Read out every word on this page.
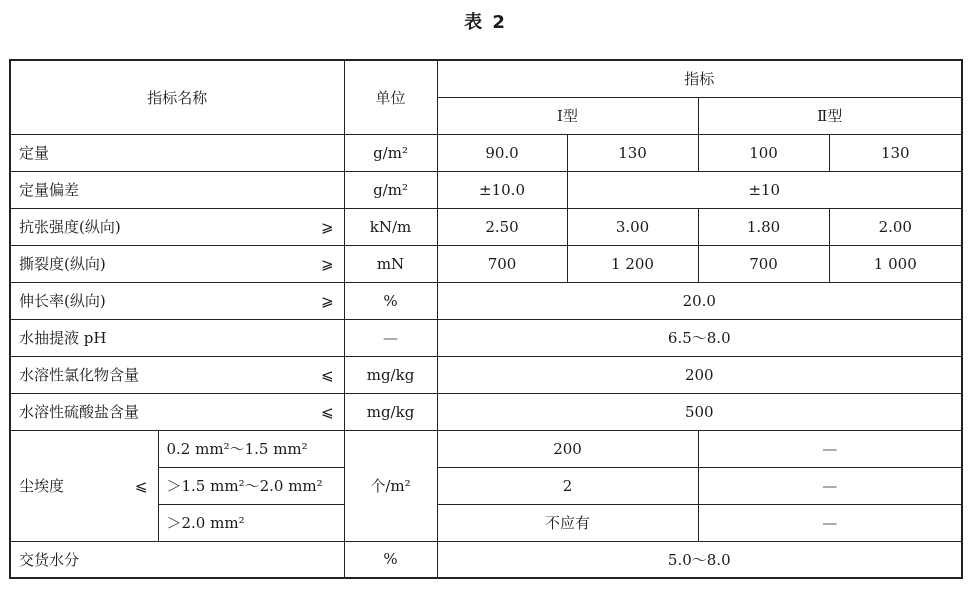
表 2
指标名称		单位	指标			
			Ⅰ型		Ⅱ型	

定量		g/m²	90.0	130	100	130

定量偏差		g/m²	±10.0	±10		

抗张强度(纵向) ⩾		kN/m	2.50	3.00	1.80	2.00

撕裂度(纵向) ⩾		mN	700	1 200	700	1 000

伸长率(纵向) ⩾		%	20.0			

水抽提液 pH		—	6.5～8.0			

水溶性氯化物含量 ⩽		mg/kg	200			

水溶性硫酸盐含量 ⩽		mg/kg	500			

尘埃度 ⩽	0.2 mm²～1.5 mm²	个/m²	200		—	
	＞1.5 mm²～2.0 mm²		2		—	
	＞2.0 mm²		不应有		—	
交货水分		%	5.0～8.0			
